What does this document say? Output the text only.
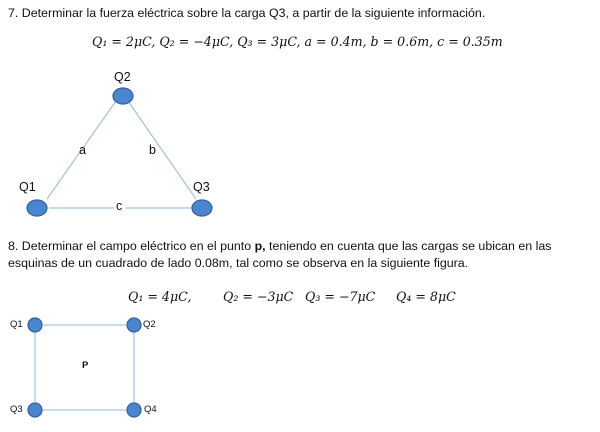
7. Determinar la fuerza eléctrica sobre la carga Q3, a partir de la siguiente información.

Q₁ = 2μC, Q₂ = −4μC, Q₃ = 3μC, a = 0.4m, b = 0.6m, c = 0.35m
Q2
a	b
Q1	Q3
c

8. Determinar el campo eléctrico en el punto p, teniendo en cuenta que las cargas se ubican en las esquinas de un cuadrado de lado 0.08m, tal como se observa en la siguiente figura.

Q₁ = 4μC,	Q₂ = −3μC Q₃ = −7μC Q₄ = 8μC
Q1	Q2
P
Q3	Q4
